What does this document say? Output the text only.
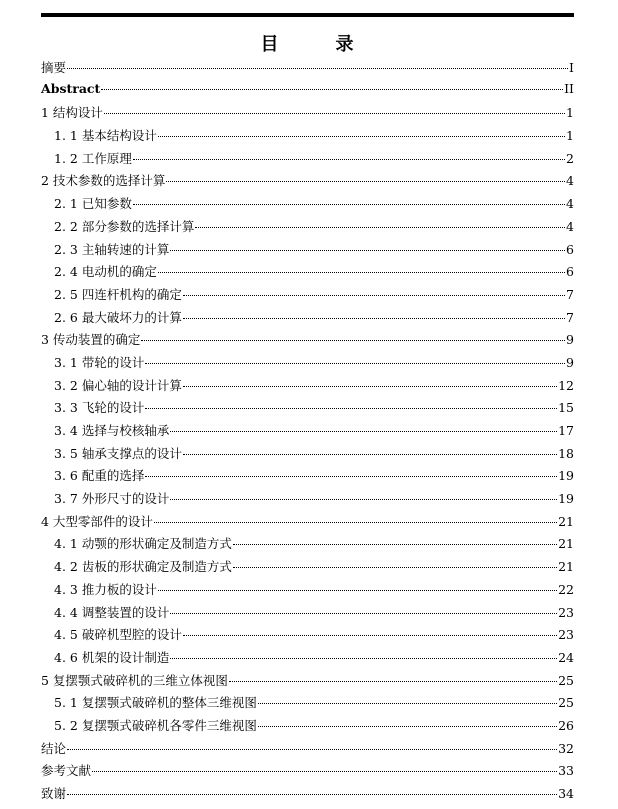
目	录
摘要	I
Abstract	II
1 结构设计	1
1. 1 基本结构设计	1
1. 2 工作原理	2
2 技术参数的选择计算	4
2. 1 已知参数	4
2. 2 部分参数的选择计算	4
2. 3 主轴转速的计算	6
2. 4 电动机的确定	6
2. 5 四连杆机构的确定	7
2. 6 最大破坏力的计算	7
3 传动装置的确定	9
3. 1 带轮的设计	9
3. 2 偏心轴的设计计算	12
3. 3 飞轮的设计	15
3. 4 选择与校核轴承	17
3. 5 轴承支撑点的设计	18
3. 6 配重的选择	19
3. 7 外形尺寸的设计	19
4 大型零部件的设计	21
4. 1 动颚的形状确定及制造方式	21
4. 2 齿板的形状确定及制造方式	21
4. 3 推力板的设计	22
4. 4 调整装置的设计	23
4. 5 破碎机型腔的设计	23
4. 6 机架的设计制造	24
5 复摆颚式破碎机的三维立体视图	25
5. 1 复摆颚式破碎机的整体三维视图	25
5. 2 复摆颚式破碎机各零件三维视图	26
结论	32
参考文献	33
致谢	34
